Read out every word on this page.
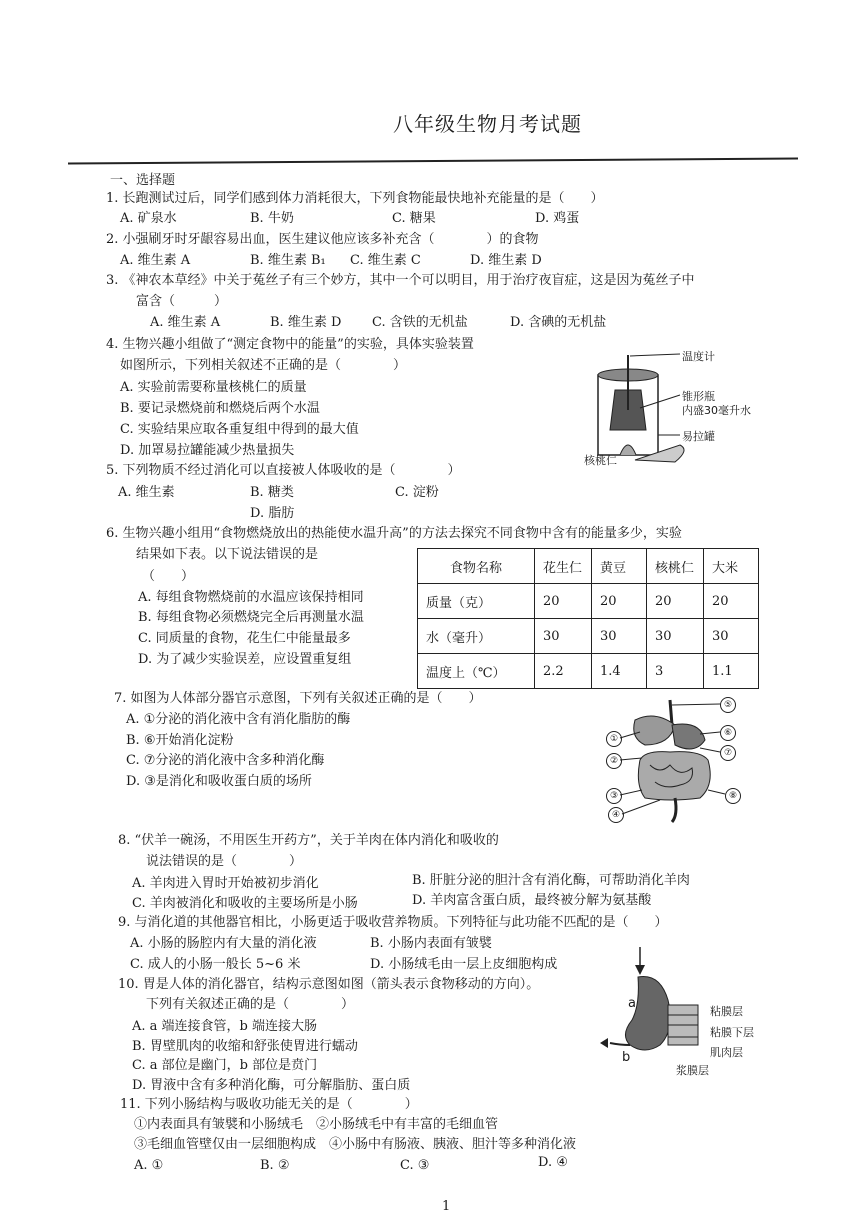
八年级生物月考试题
一、选择题
1. 长跑测试过后，同学们感到体力消耗很大，下列食物能最快地补充能量的是（　　）
A. 矿泉水	B. 牛奶	C. 糖果	D. 鸡蛋
2. 小强刷牙时牙龈容易出血，医生建议他应该多补充含（　　　　）的食物
A. 维生素 A	B. 维生素 B₁ C. 维生素 C	D. 维生素 D
3. 《神农本草经》中关于菟丝子有三个妙方，其中一个可以明目，用于治疗夜盲症，这是因为菟丝子中
富含（　　　）
A. 维生素 A	B. 维生素 D C. 含铁的无机盐	D. 含碘的无机盐
4. 生物兴趣小组做了“测定食物中的能量”的实验，具体实验装置
如图所示，下列相关叙述不正确的是（　　　　）
A. 实验前需要称量核桃仁的质量
B. 要记录燃烧前和燃烧后两个水温
C. 实验结果应取各重复组中得到的最大值
D. 加罩易拉罐能减少热量损失
温度计
锥形瓶
内盛30毫升水
易拉罐
核桃仁
5. 下列物质不经过消化可以直接被人体吸收的是（　　　　）
A. 维生素	B. 糖类	C. 淀粉
D. 脂肪
6. 生物兴趣小组用“食物燃烧放出的热能使水温升高”的方法去探究不同食物中含有的能量多少，实验
结果如下表。以下说法错误的是
（　　）
A. 每组食物燃烧前的水温应该保持相同
B. 每组食物必须燃烧完全后再测量水温
C. 同质量的食物，花生仁中能量最多
D. 为了减少实验误差，应设置重复组
食物名称	花生仁	黄豆	核桃仁	大米
质量（克）	20	20	20	20
水（毫升）	30	30	30	30
温度上（℃）	2.2	1.4	3	1.1
7. 如图为人体部分器官示意图，下列有关叙述正确的是（　　）
A. ①分泌的消化液中含有消化脂肪的酶
B. ⑥开始消化淀粉
C. ⑦分泌的消化液中含多种消化酶
D. ③是消化和吸收蛋白质的场所
①
②
③
④
⑤
⑥
⑦
⑧
8. “伏羊一碗汤，不用医生开药方”，关于羊肉在体内消化和吸收的
说法错误的是（　　　　）
A. 羊肉进入胃时开始被初步消化	B. 肝脏分泌的胆汁含有消化酶，可帮助消化羊肉
C. 羊肉被消化和吸收的主要场所是小肠	D. 羊肉富含蛋白质，最终被分解为氨基酸
9. 与消化道的其他器官相比，小肠更适于吸收营养物质。下列特征与此功能不匹配的是（　　）
A. 小肠的肠腔内有大量的消化液	B. 小肠内表面有皱襞
C. 成人的小肠一般长 5~6 米	D. 小肠绒毛由一层上皮细胞构成
10. 胃是人体的消化器官，结构示意图如图（箭头表示食物移动的方向）。
下列有关叙述正确的是（　　　　）
A. a 端连接食管，b 端连接大肠
B. 胃壁肌肉的收缩和舒张使胃进行蠕动
C. a 部位是幽门，b 部位是贲门
D. 胃液中含有多种消化酶，可分解脂肪、蛋白质
a
b
粘膜层
粘膜下层
肌肉层
浆膜层
11. 下列小肠结构与吸收功能无关的是（　　　　）
①内表面具有皱襞和小肠绒毛　②小肠绒毛中有丰富的毛细血管
③毛细血管壁仅由一层细胞构成　④小肠中有肠液、胰液、胆汁等多种消化液
A. ①	B. ②	C. ③	D. ④
1
